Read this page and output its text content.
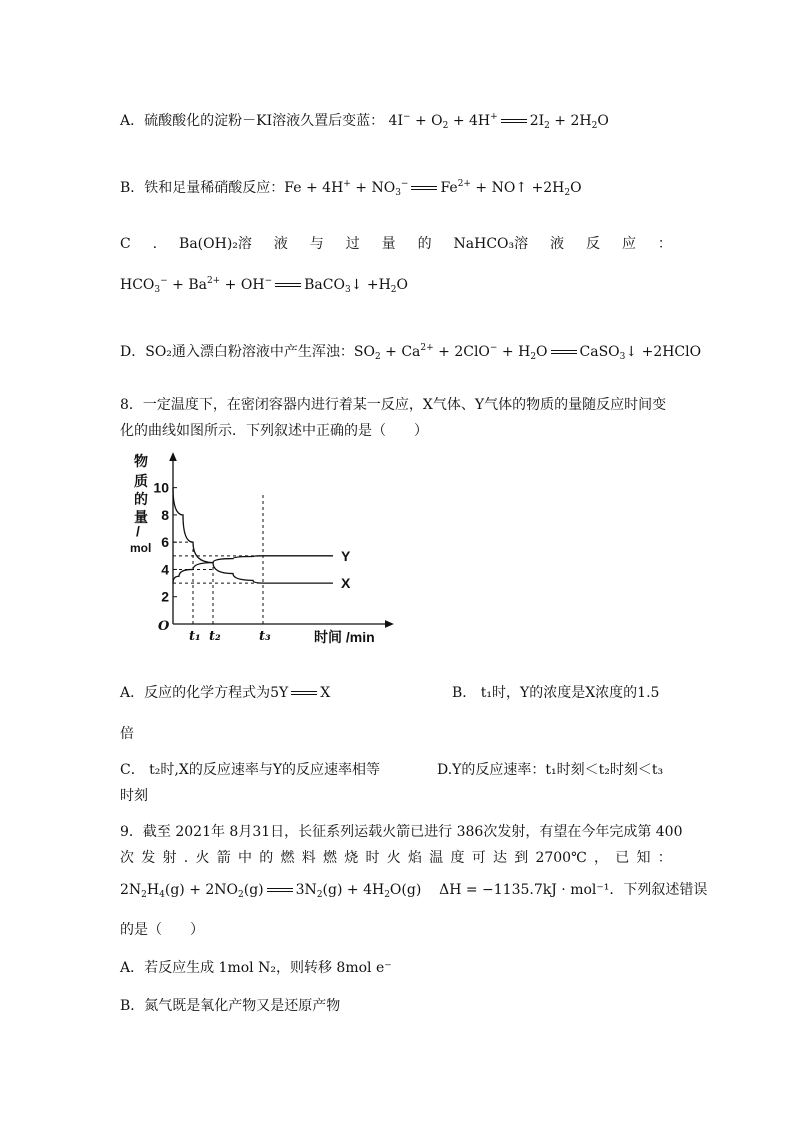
A．硫酸酸化的淀粉－KI溶液久置后变蓝： $4I^- + O_2 + 4H^+$ $2I_2 + 2H_2O$
B．铁和足量稀硝酸反应：$Fe + 4H^+ + NO_3^-$ $Fe^{2+}$ + NO↑ $+2H_2O$
C . Ba(OH)₂溶 液 与 过 量 的 NaHCO₃溶 液 反 应 ：
$HCO_3^- + Ba^{2+} + OH^-$ BaCO$_3$↓ $+H_2O$
D．SO₂通入漂白粉溶液中产生浑浊：$SO_2 + Ca^{2+} + 2ClO^- + H_2O$ CaSO$_3$↓ +2HClO
8．一定温度下，在密闭容器内进行着某一反应，X气体、Y气体的物质的量随反应时间变
化的曲线如图所示．下列叙述中正确的是（　　）
物
质
的
量
/
mol
O
时间 /min
2
4
6
8
10
t₁ t₂	t₃
X
Y
A．反应的化学方程式为5Y X	B． t₁时，Y的浓度是X浓度的1.5
倍
C． t₂时,X的反应速率与Y的反应速率相等	D.Y的反应速率：t₁时刻＜t₂时刻＜t₃
时刻
9．截至 2021年 8月31日，长征系列运载火箭已进行 386次发射，有望在今年完成第 400
次 发 射 . 火 箭 中 的 燃 料 燃 烧 时 火 焰 温 度 可 达 到 2700℃ ， 已 知 ：
$2N_2H_4(g) + 2NO_2(g) 3N_2(g) + 4H_2O(g)$    ΔH = −1135.7kJ · mol⁻¹．下列叙述错误
的是（　　）
A．若反应生成 1mol N₂，则转移 8mol e⁻
B．氮气既是氧化产物又是还原产物
